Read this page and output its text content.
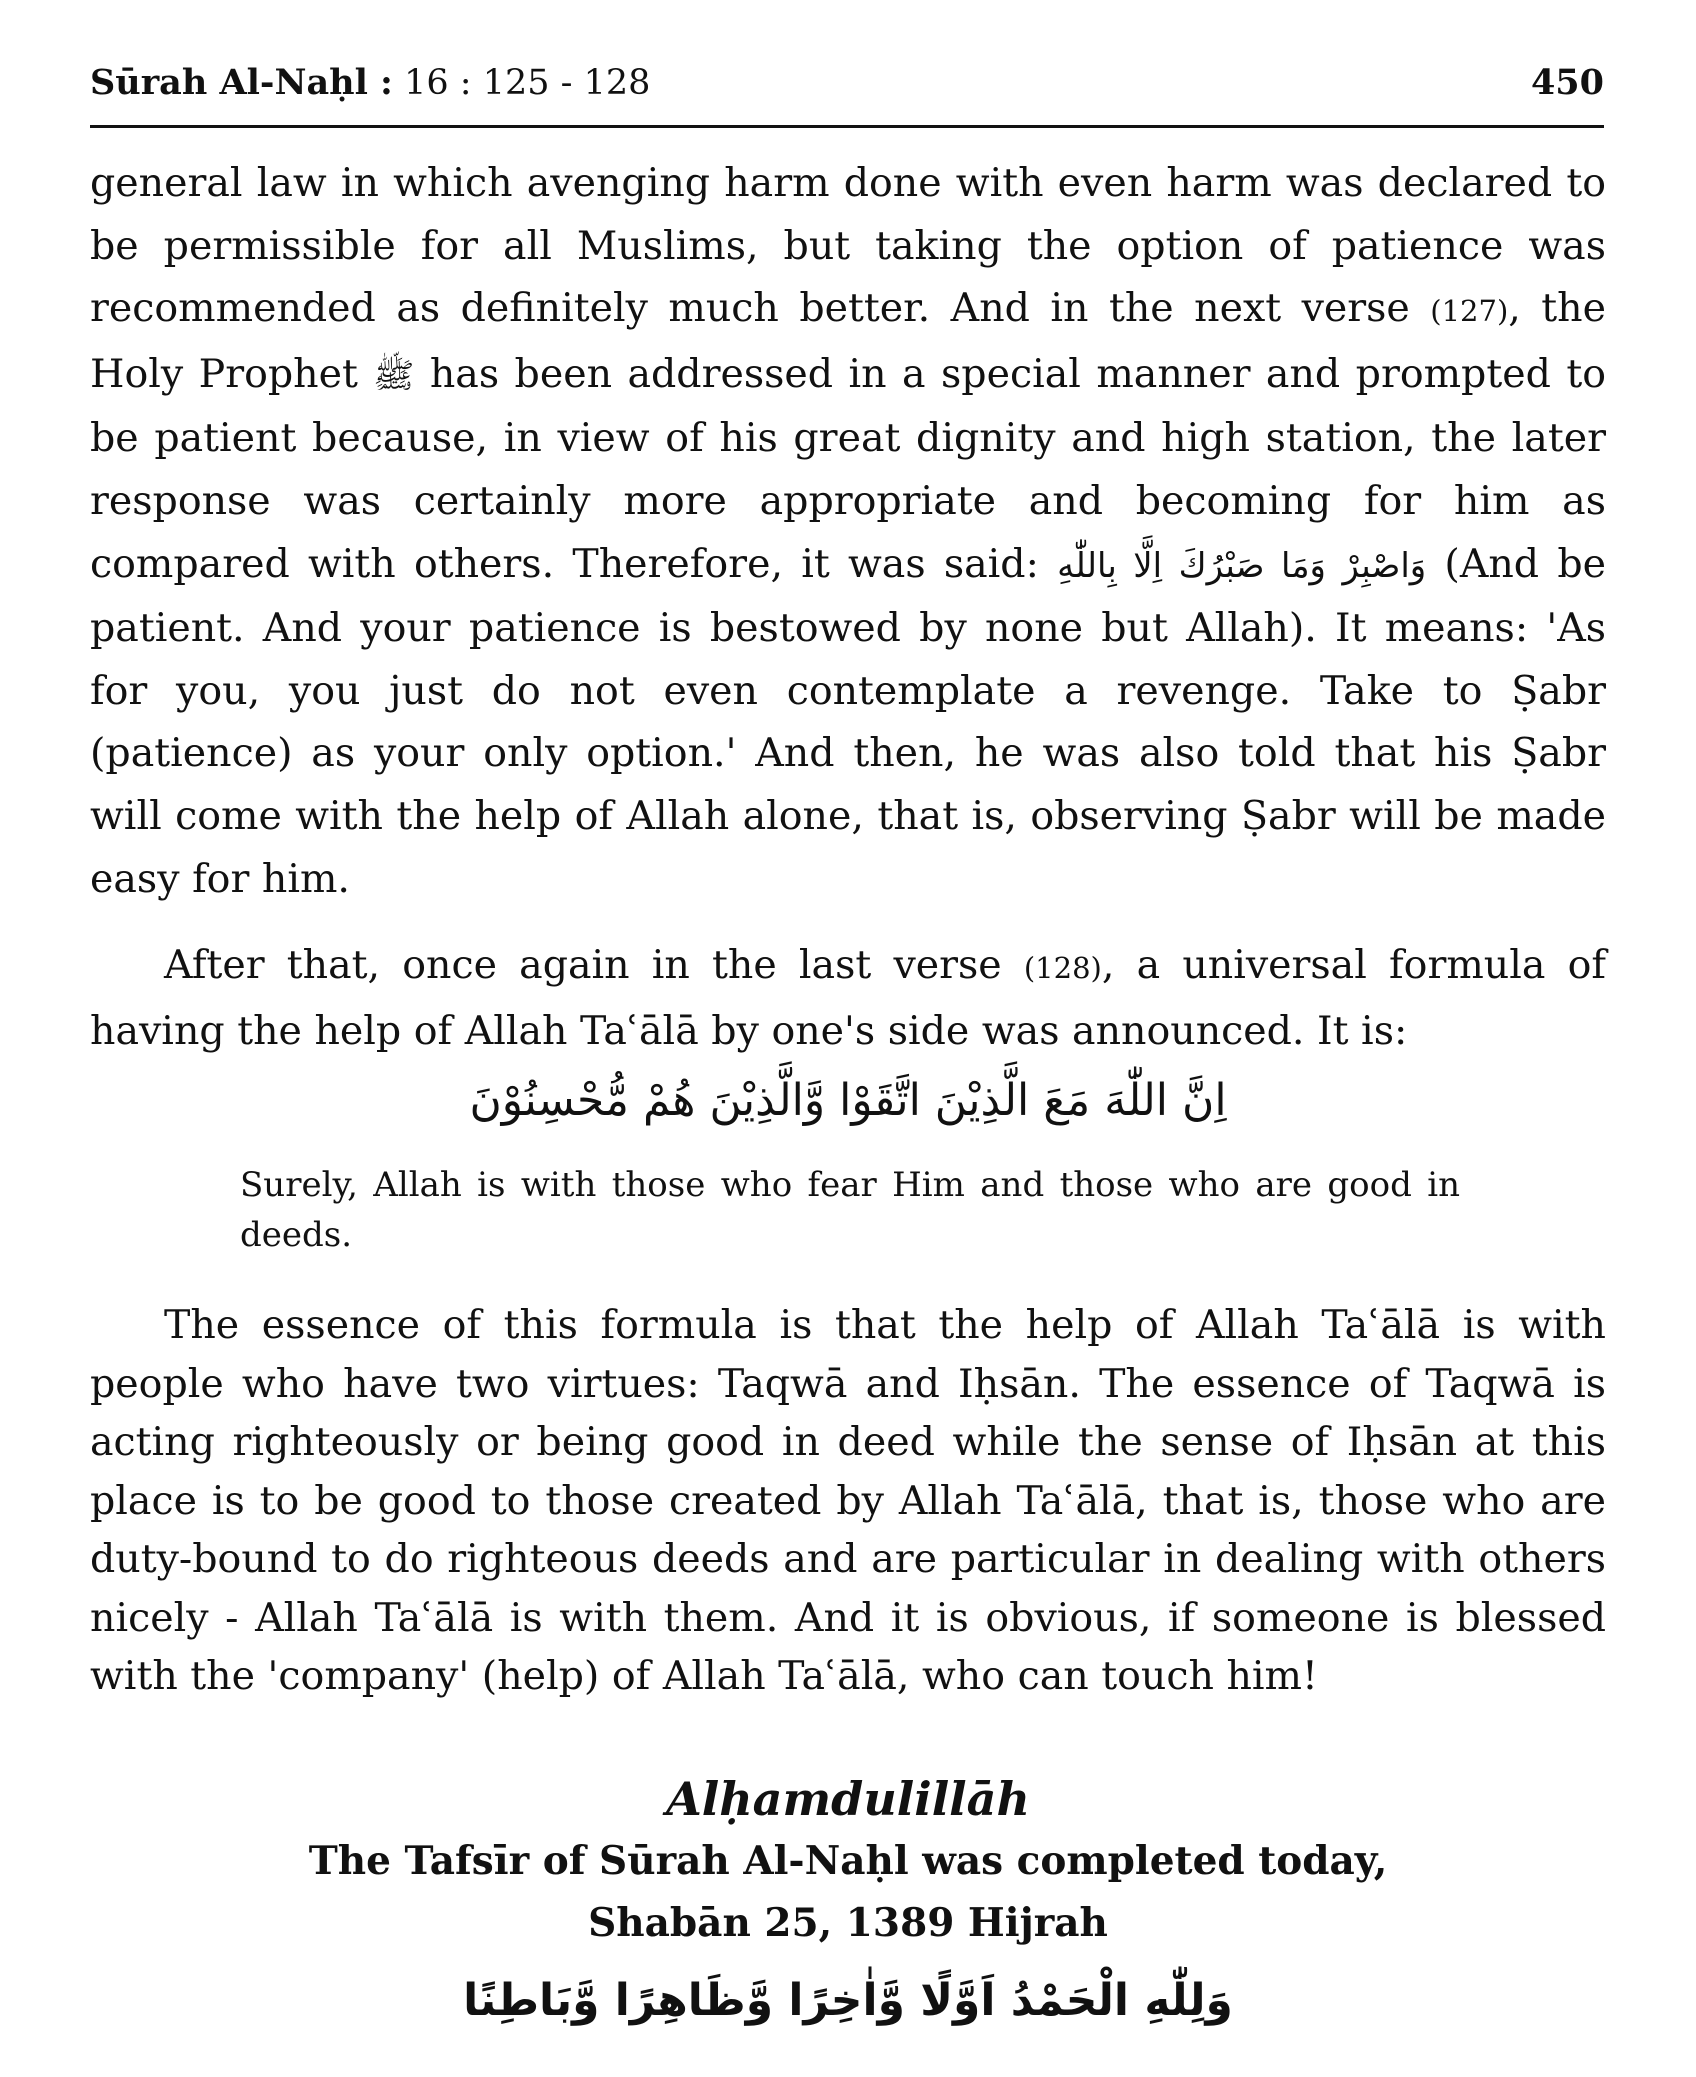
Sūrah Al-Naḥl : 16 : 125 - 128	450

general law in which avenging harm done with even harm was declared to be permissible for all Muslims, but taking the option of patience was recommended as definitely much better. And in the next verse (127), the Holy Prophet ﷺ has been addressed in a special manner and prompted to be patient because, in view of his great dignity and high station, the later response was certainly more appropriate and becoming for him as compared with others. Therefore, it was said: وَاصْبِرْ وَمَا صَبْرُكَ اِلَّا بِاللّٰهِ (And be patient. And your patience is bestowed by none but Allah). It means: 'As for you, you just do not even contemplate a revenge. Take to Ṣabr (patience) as your only option.' And then, he was also told that his Ṣabr will come with the help of Allah alone, that is, observing Ṣabr will be made easy for him.

After that, once again in the last verse (128), a universal formula of having the help of Allah Taʿālā by one's side was announced. It is:

اِنَّ اللّٰهَ مَعَ الَّذِيْنَ اتَّقَوْا وَّالَّذِيْنَ هُمْ مُّحْسِنُوْنَ
Surely, Allah is with those who fear Him and those who are good in deeds.

The essence of this formula is that the help of Allah Taʿālā is with people who have two virtues: Taqwā and Iḥsān. The essence of Taqwā is acting righteously or being good in deed while the sense of Iḥsān at this place is to be good to those created by Allah Taʿālā, that is, those who are duty-bound to do righteous deeds and are particular in dealing with others nicely - Allah Taʿālā is with them. And it is obvious, if someone is blessed with the 'company' (help) of Allah Taʿālā, who can touch him!

Alḥamdulillāh
The Tafsīr of Sūrah Al-Naḥl was completed today,
Shabān 25, 1389 Hijrah
وَلِلّٰهِ الْحَمْدُ اَوَّلًا وَّاٰخِرًا وَّظَاهِرًا وَّبَاطِنًا
